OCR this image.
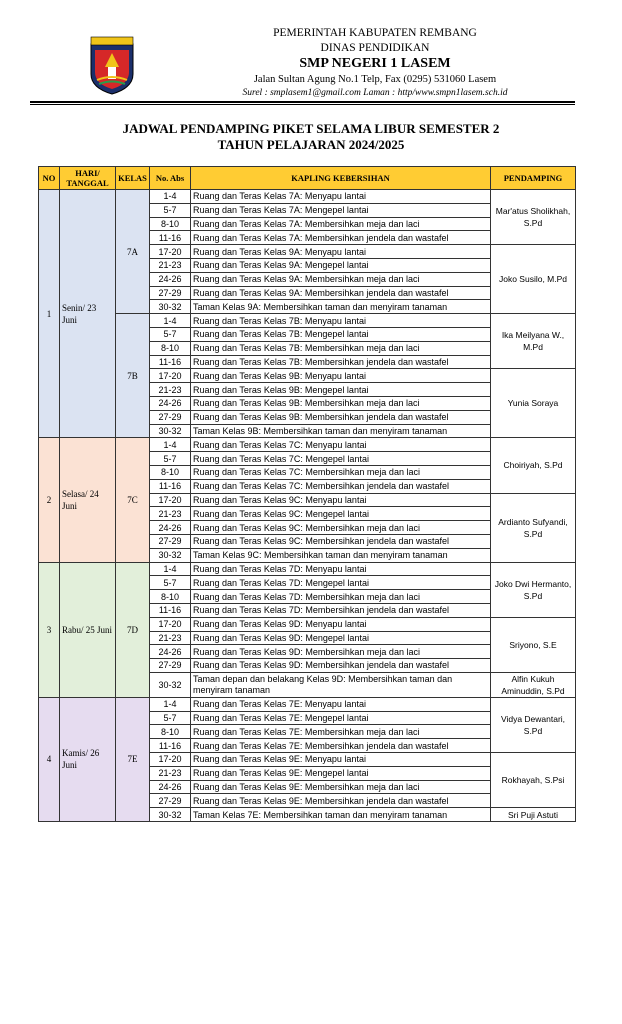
PEMERINTAH KABUPATEN REMBANG
DINAS PENDIDIKAN
SMP NEGERI 1 LASEM
Jalan Sultan Agung No.1 Telp, Fax (0295) 531060 Lasem
Surel : smplasem1@gmail.com Laman : http/www.smpn1lasem.sch.id
JADWAL PENDAMPING PIKET SELAMA LIBUR SEMESTER 2
TAHUN PELAJARAN 2024/2025
NO	HARI/ TANGGAL	KELAS	No. Abs	KAPLING KEBERSIHAN	PENDAMPING
1	Senin/ 23 Juni	7A	1-4	Ruang dan Teras Kelas 7A: Menyapu lantai	Mar'atus Sholikhah, S.Pd
			5-7	Ruang dan Teras Kelas 7A: Mengepel lantai	
			8-10	Ruang dan Teras Kelas 7A: Membersihkan meja dan laci	
			11-16	Ruang dan Teras Kelas 7A: Membersihkan jendela dan wastafel	
			17-20	Ruang dan Teras Kelas 9A: Menyapu lantai	Joko Susilo, M.Pd
			21-23	Ruang dan Teras Kelas 9A: Mengepel lantai	
			24-26	Ruang dan Teras Kelas 9A: Membersihkan meja dan laci	
			27-29	Ruang dan Teras Kelas 9A: Membersihkan jendela dan wastafel	
			30-32	Taman Kelas 9A: Membersihkan taman dan menyiram tanaman	
		7B	1-4	Ruang dan Teras Kelas 7B: Menyapu lantai	Ika Meilyana W., M.Pd
			5-7	Ruang dan Teras Kelas 7B: Mengepel lantai	
			8-10	Ruang dan Teras Kelas 7B: Membersihkan meja dan laci	
			11-16	Ruang dan Teras Kelas 7B: Membersihkan jendela dan wastafel	
			17-20	Ruang dan Teras Kelas 9B: Menyapu lantai	Yunia Soraya
			21-23	Ruang dan Teras Kelas 9B: Mengepel lantai	
			24-26	Ruang dan Teras Kelas 9B: Membersihkan meja dan laci	
			27-29	Ruang dan Teras Kelas 9B: Membersihkan jendela dan wastafel	
			30-32	Taman Kelas 9B: Membersihkan taman dan menyiram tanaman	
2	Selasa/ 24 Juni	7C	1-4	Ruang dan Teras Kelas 7C: Menyapu lantai	Choiriyah, S.Pd
			5-7	Ruang dan Teras Kelas 7C: Mengepel lantai	
			8-10	Ruang dan Teras Kelas 7C: Membersihkan meja dan laci	
			11-16	Ruang dan Teras Kelas 7C: Membersihkan jendela dan wastafel	
			17-20	Ruang dan Teras Kelas 9C: Menyapu lantai	Ardianto Sufyandi, S.Pd
			21-23	Ruang dan Teras Kelas 9C: Mengepel lantai	
			24-26	Ruang dan Teras Kelas 9C: Membersihkan meja dan laci	
			27-29	Ruang dan Teras Kelas 9C: Membersihkan jendela dan wastafel	
			30-32	Taman Kelas 9C: Membersihkan taman dan menyiram tanaman	
3	Rabu/ 25 Juni	7D	1-4	Ruang dan Teras Kelas 7D: Menyapu lantai	Joko Dwi Hermanto, S.Pd
			5-7	Ruang dan Teras Kelas 7D: Mengepel lantai	
			8-10	Ruang dan Teras Kelas 7D: Membersihkan meja dan laci	
			11-16	Ruang dan Teras Kelas 7D: Membersihkan jendela dan wastafel	
			17-20	Ruang dan Teras Kelas 9D: Menyapu lantai	Sriyono, S.E
			21-23	Ruang dan Teras Kelas 9D: Mengepel lantai	
			24-26	Ruang dan Teras Kelas 9D: Membersihkan meja dan laci	
			27-29	Ruang dan Teras Kelas 9D: Membersihkan jendela dan wastafel	
			30-32	Taman depan dan belakang Kelas 9D: Membersihkan taman dan menyiram tanaman	Alfin Kukuh Aminuddin, S.Pd
4	Kamis/ 26 Juni	7E	1-4	Ruang dan Teras Kelas 7E: Menyapu lantai	Vidya Dewantari, S.Pd
			5-7	Ruang dan Teras Kelas 7E: Mengepel lantai	
			8-10	Ruang dan Teras Kelas 7E: Membersihkan meja dan laci	
			11-16	Ruang dan Teras Kelas 7E: Membersihkan jendela dan wastafel	
			17-20	Ruang dan Teras Kelas 9E: Menyapu lantai	Rokhayah, S.Psi
			21-23	Ruang dan Teras Kelas 9E: Mengepel lantai	
			24-26	Ruang dan Teras Kelas 9E: Membersihkan meja dan laci	
			27-29	Ruang dan Teras Kelas 9E: Membersihkan jendela dan wastafel	
			30-32	Taman Kelas 7E: Membersihkan taman dan menyiram tanaman	Sri Puji Astuti
